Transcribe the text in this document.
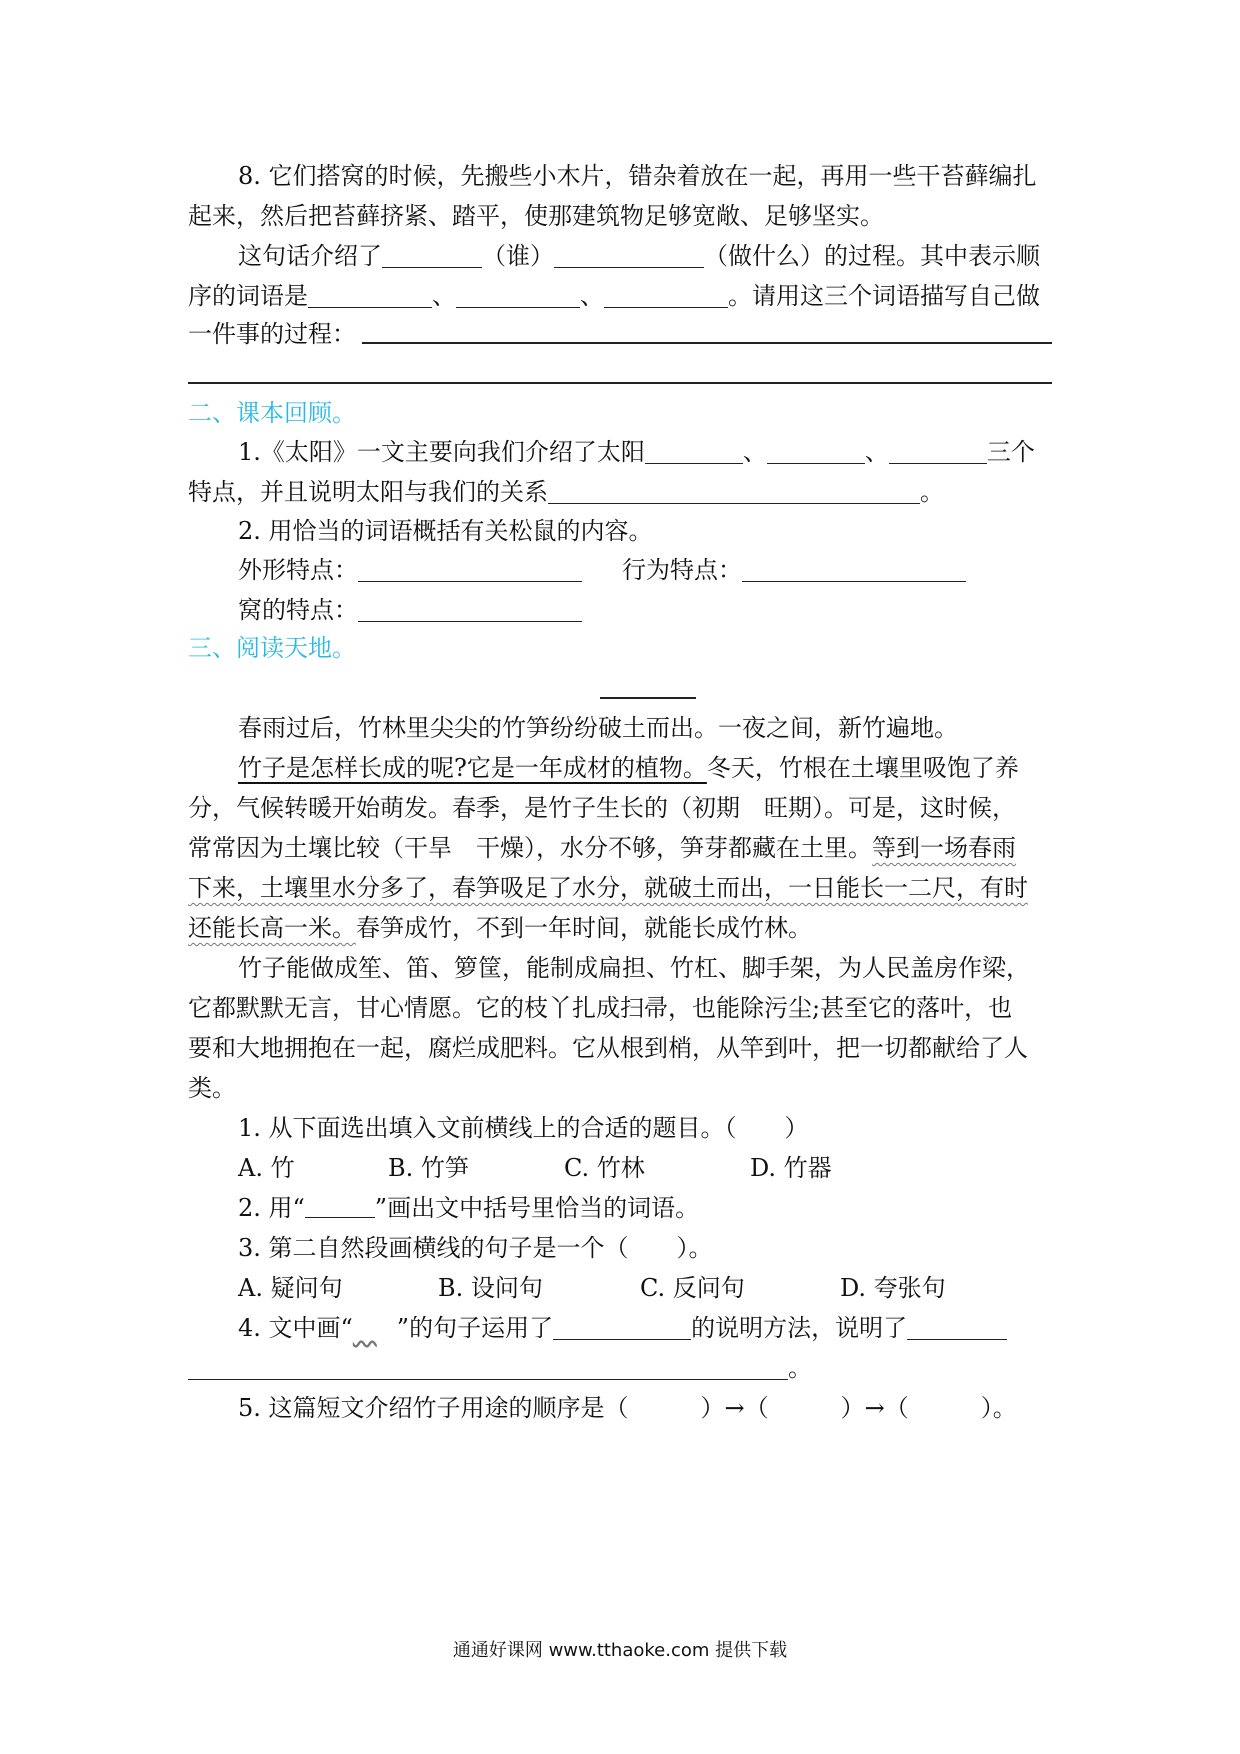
8. 它们搭窝的时候，先搬些小木片，错杂着放在一起，再用一些干苔藓编扎
起来，然后把苔藓挤紧、踏平，使那建筑物足够宽敞、足够坚实。
这句话介绍了	（谁）	（做什么）的过程。其中表示顺
序的词语是	、	、	。请用这三个词语描写自己做
一件事的过程：
二、课本回顾。
1.《太阳》一文主要向我们介绍了太阳	、	、	三个
特点，并且说明太阳与我们的关系	。
2. 用恰当的词语概括有关松鼠的内容。
外形特点：	行为特点：
窝的特点：
三、阅读天地。
春雨过后，竹林里尖尖的竹笋纷纷破土而出。一夜之间，新竹遍地。
竹子是怎样长成的呢?它是一年成材的植物。冬天，竹根在土壤里吸饱了养
分，气候转暖开始萌发。春季，是竹子生长的（初期　旺期）。可是，这时候，
常常因为土壤比较（干旱　干燥），水分不够，笋芽都藏在土里。等到一场春雨
下来，土壤里水分多了，春笋吸足了水分，就破土而出，一日能长一二尺，有时
还能长高一米。春笋成竹，不到一年时间，就能长成竹林。
竹子能做成笙、笛、箩筐，能制成扁担、竹杠、脚手架，为人民盖房作梁，
它都默默无言，甘心情愿。它的枝丫扎成扫帚，也能除污尘;甚至它的落叶，也
要和大地拥抱在一起，腐烂成肥料。它从根到梢，从竿到叶，把一切都献给了人
类。
1. 从下面选出填入文前横线上的合适的题目。（　　）
A. 竹	B. 竹笋	C. 竹林	D. 竹器
2. 用“	”画出文中括号里恰当的词语。
3. 第二自然段画横线的句子是一个（　　）。
A. 疑问句	B. 设问句	C. 反问句	D. 夸张句
4. 文中画“   ”的句子运用了	的说明方法，说明了
。
5. 这篇短文介绍竹子用途的顺序是（　　　）→（　　　）→（　　　）。
通通好课网 www.tthaoke.com 提供下载
